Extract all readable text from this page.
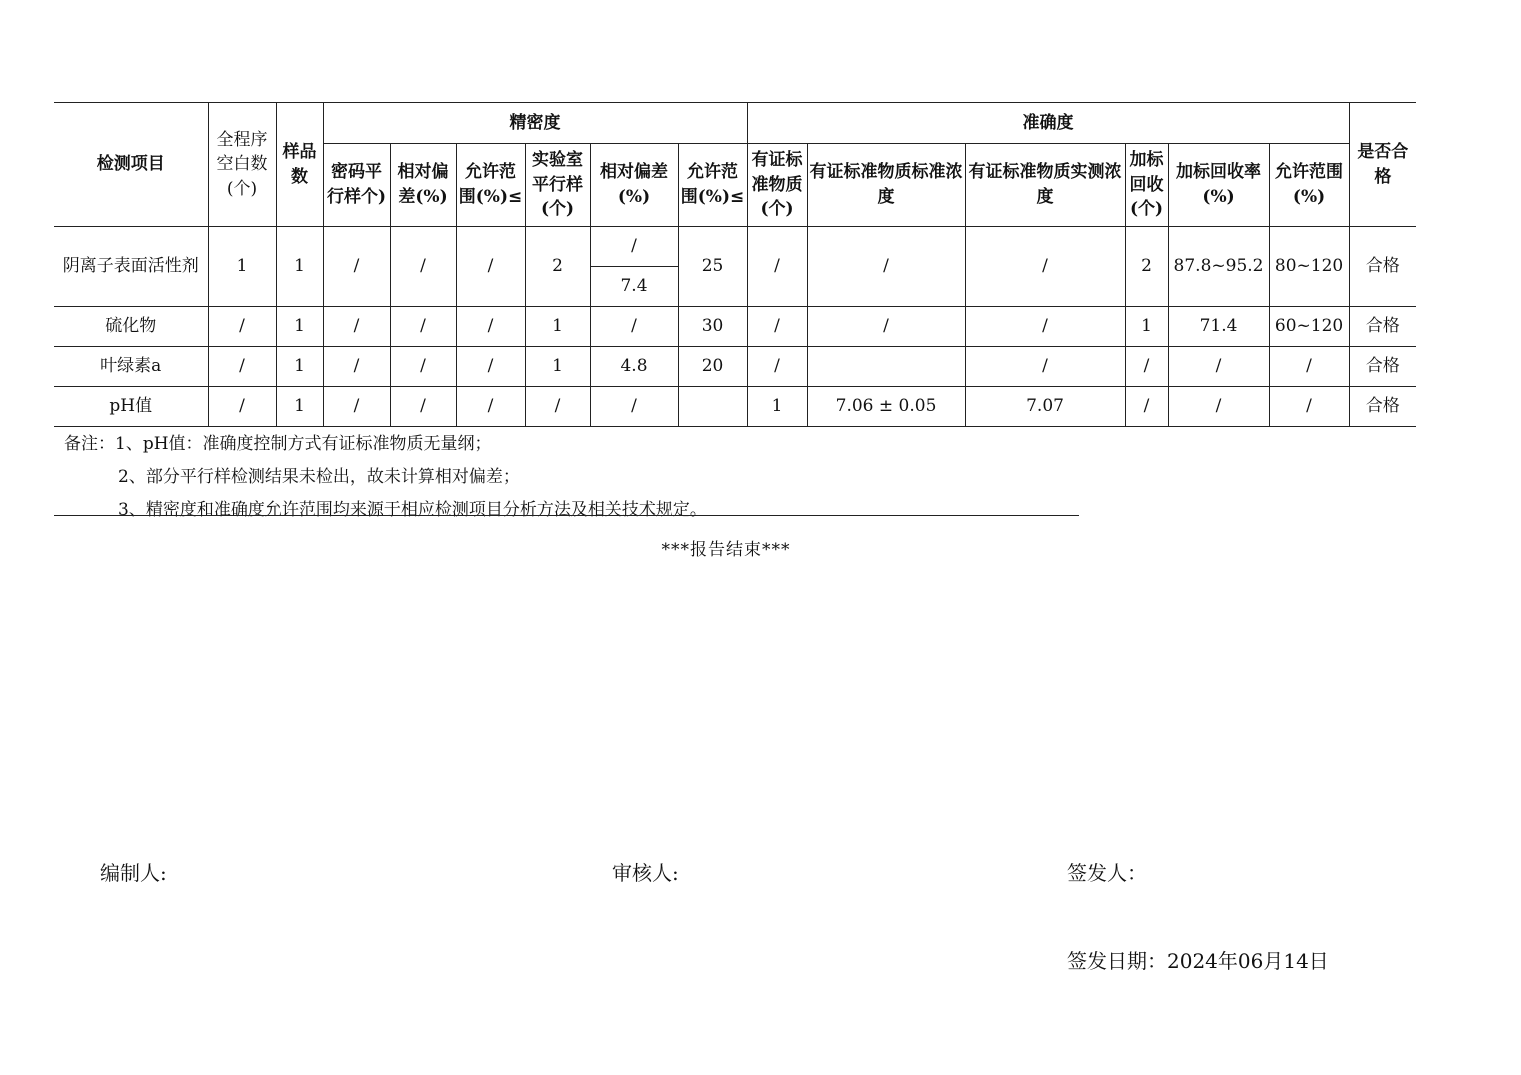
检测项目	全程序空白数(个)	样品数	精密度						准确度						是否合格
			密码平行样个)	相对偏差(%)	允许范围(%)≤	实验室平行样(个)	相对偏差(%)	允许范围(%)≤	有证标准物质(个)	有证标准物质标准浓度	有证标准物质实测浓度	加标回收(个)	加标回收率(%)	允许范围(%)	
阴离子表面活性剂	1	1	/	/	/	2	/	25	/	/	/	2	87.8~95.2	80~120	合格
							7.4								
硫化物	/	1	/	/	/	1	/	30	/	/	/	1	71.4	60~120	合格
叶绿素a	/	1	/	/	/	1	4.8	20	/		/	/	/	/	合格
pH值	/	1	/	/	/	/	/		1	7.06 ± 0.05	7.07	/	/	/	合格
备注：1、pH值：准确度控制方式有证标准物质无量纲；
2、部分平行样检测结果未检出，故未计算相对偏差；
3、精密度和准确度允许范围均来源于相应检测项目分析方法及相关技术规定。
***报告结束***
编制人:	审核人:	签发人：
签发日期：2024年06月14日
